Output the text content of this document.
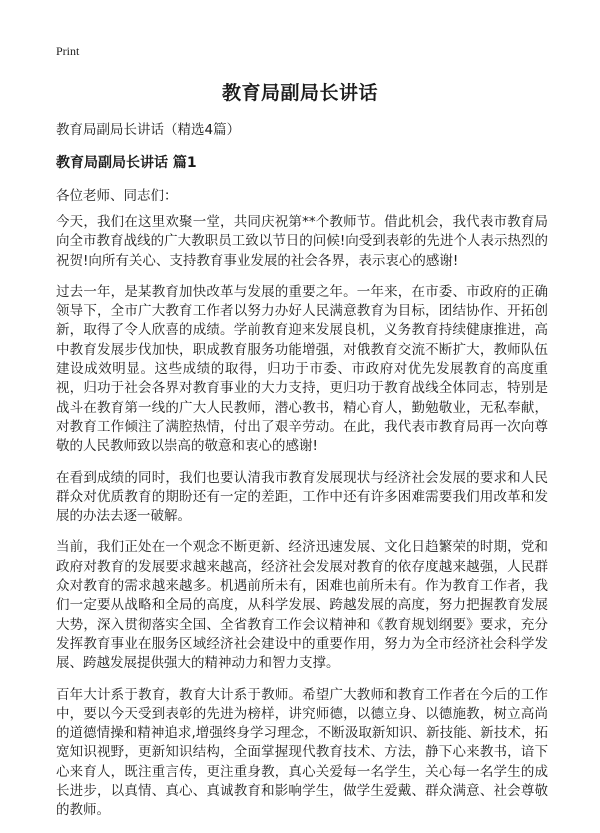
Print
教育局副局长讲话

教育局副局长讲话（精选4篇）

教育局副局长讲话 篇1

各位老师、同志们：

今天，我们在这里欢聚一堂，共同庆祝第**个教师节。借此机会，我代表市教育局向全市教育战线的广大教职员工致以节日的问候!向受到表彰的先进个人表示热烈的祝贺!向所有关心、支持教育事业发展的社会各界，表示衷心的感谢!

过去一年，是某教育加快改革与发展的重要之年。一年来，在市委、市政府的正确领导下，全市广大教育工作者以努力办好人民满意教育为目标，团结协作、开拓创新，取得了令人欣喜的成绩。学前教育迎来发展良机，义务教育持续健康推进，高中教育发展步伐加快，职成教育服务功能增强，对俄教育交流不断扩大，教师队伍建设成效明显。这些成绩的取得，归功于市委、市政府对优先发展教育的高度重视，归功于社会各界对教育事业的大力支持，更归功于教育战线全体同志，特别是战斗在教育第一线的广大人民教师，潜心教书，精心育人，勤勉敬业，无私奉献，对教育工作倾注了满腔热情，付出了艰辛劳动。在此，我代表市教育局再一次向尊敬的人民教师致以崇高的敬意和衷心的感谢!

在看到成绩的同时，我们也要认清我市教育发展现状与经济社会发展的要求和人民群众对优质教育的期盼还有一定的差距，工作中还有许多困难需要我们用改革和发展的办法去逐一破解。

当前，我们正处在一个观念不断更新、经济迅速发展、文化日趋繁荣的时期，党和政府对教育的发展要求越来越高，经济社会发展对教育的依存度越来越强，人民群众对教育的需求越来越多。机遇前所未有，困难也前所未有。作为教育工作者，我们一定要从战略和全局的高度，从科学发展、跨越发展的高度，努力把握教育发展大势，深入贯彻落实全国、全省教育工作会议精神和《教育规划纲要》要求，充分发挥教育事业在服务区域经济社会建设中的重要作用，努力为全市经济社会科学发展、跨越发展提供强大的精神动力和智力支撑。

百年大计系于教育，教育大计系于教师。希望广大教师和教育工作者在今后的工作中，要以今天受到表彰的先进为榜样，讲究师德，以德立身、以德施教，树立高尚的道德情操和精神追求,增强终身学习理念，不断汲取新知识、新技能、新技术，拓宽知识视野，更新知识结构，全面掌握现代教育技术、方法，静下心来教书，谙下心来育人，既注重言传，更注重身教，真心关爱每一名学生，关心每一名学生的成长进步，以真情、真心、真诚教育和影响学生，做学生爱戴、群众满意、社会尊敬的教师。
